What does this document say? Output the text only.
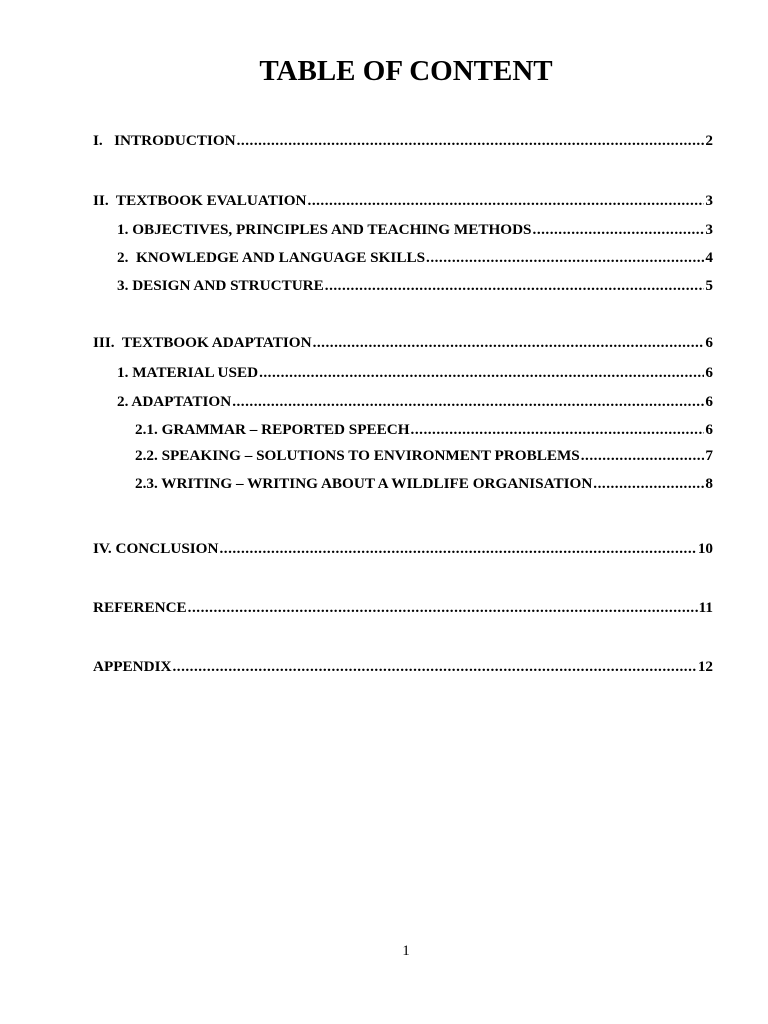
TABLE OF CONTENT
I.   INTRODUCTION .....	2
II.  TEXTBOOK EVALUATION .....	3
1. OBJECTIVES, PRINCIPLES AND TEACHING METHODS .....	3
2.  KNOWLEDGE AND LANGUAGE SKILLS .....	4
3. DESIGN AND STRUCTURE .....	5
III.  TEXTBOOK ADAPTATION .....	6
1. MATERIAL USED .....	6
2. ADAPTATION .....	6
2.1. GRAMMAR – REPORTED SPEECH .....	6
2.2. SPEAKING – SOLUTIONS TO ENVIRONMENT PROBLEMS .....	7
2.3. WRITING – WRITING ABOUT A WILDLIFE ORGANISATION .....	8
IV. CONCLUSION .....	10
REFERENCE .....	11
APPENDIX .....	12
1
